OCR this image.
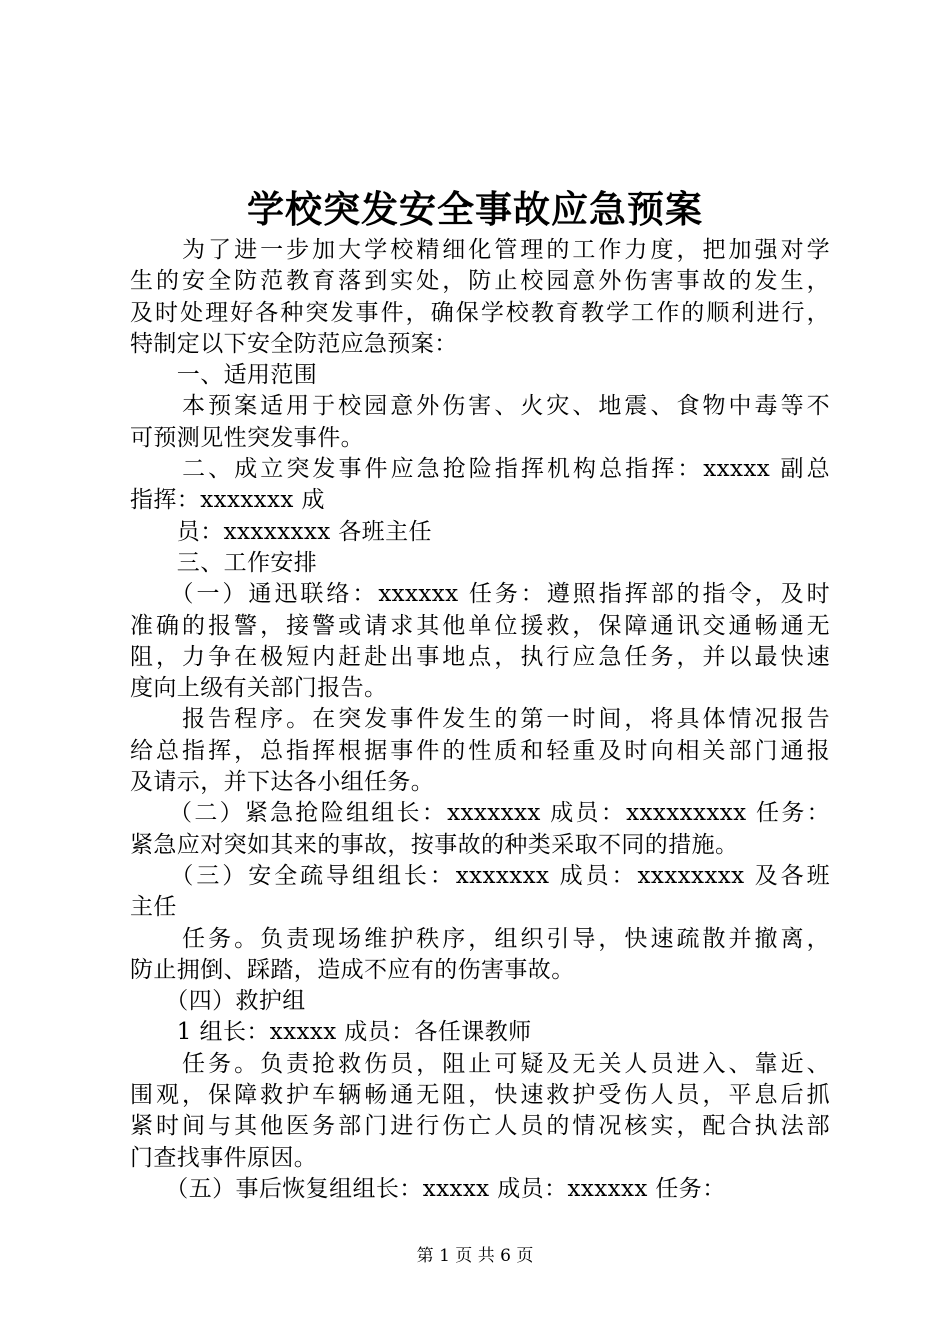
学校突发安全事故应急预案
　　为了进一步加大学校精细化管理的工作力度，把加强对学
生的安全防范教育落到实处，防止校园意外伤害事故的发生，
及时处理好各种突发事件，确保学校教育教学工作的顺利进行，
特制定以下安全防范应急预案：
　　一、适用范围
　　本预案适用于校园意外伤害、火灾、地震、食物中毒等不
可预测见性突发事件。
　　二、成立突发事件应急抢险指挥机构总指挥：xxxxx 副总
指挥：xxxxxxx 成
　　员：xxxxxxxx 各班主任
　　三、工作安排
　　（一）通迅联络：xxxxxx 任务：遵照指挥部的指令，及时
准确的报警，接警或请求其他单位援救，保障通讯交通畅通无
阻，力争在极短内赶赴出事地点，执行应急任务，并以最快速
度向上级有关部门报告。
　　报告程序。在突发事件发生的第一时间，将具体情况报告
给总指挥，总指挥根据事件的性质和轻重及时向相关部门通报
及请示，并下达各小组任务。
　　（二）紧急抢险组组长：xxxxxxx 成员：xxxxxxxxx 任务：
紧急应对突如其来的事故，按事故的种类采取不同的措施。
　　（三）安全疏导组组长：xxxxxxx 成员：xxxxxxxx 及各班
主任
　　任务。负责现场维护秩序，组织引导，快速疏散并撤离，
防止拥倒、踩踏，造成不应有的伤害事故。
　　（四）救护组
　　1 组长：xxxxx 成员：各任课教师
　　任务。负责抢救伤员，阻止可疑及无关人员进入、靠近、
围观，保障救护车辆畅通无阻，快速救护受伤人员，平息后抓
紧时间与其他医务部门进行伤亡人员的情况核实，配合执法部
门查找事件原因。
　　（五）事后恢复组组长：xxxxx 成员：xxxxxx 任务：
第 1 页 共 6 页
